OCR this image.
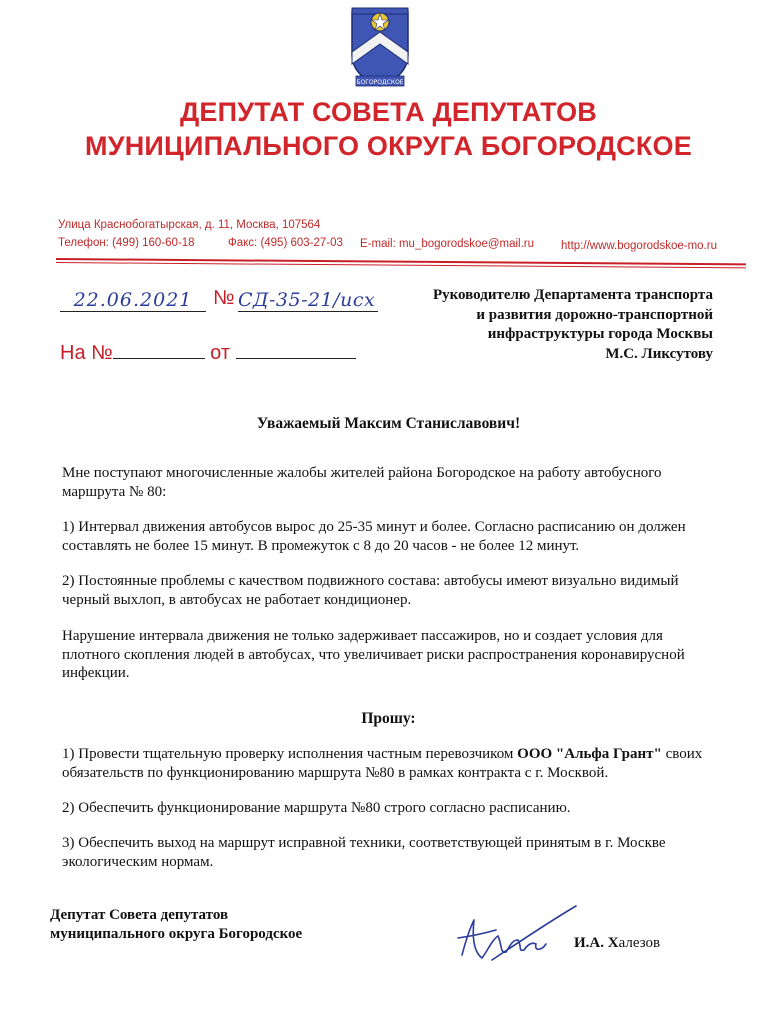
БОГОРОДСКОЕ
ДЕПУТАТ СОВЕТА ДЕПУТАТОВ
МУНИЦИПАЛЬНОГО ОКРУГА БОГОРОДСКОЕ
Улица Краснобогатырская, д. 11, Москва, 107564
Телефон: (499) 160-60-18	Факс: (495) 603-27-03 E-mail: mu_bogorodskoe@mail.ru http://www.bogorodskoe-mo.ru
22.06.2021	№ СД-35-21/исх
На №	от
Руководителю Департамента транспорта
и развития дорожно-транспортной
инфраструктуры города Москвы
М.С. Ликсутову
Уважаемый Максим Станиславович!
Мне поступают многочисленные жалобы жителей района Богородское на работу автобусного маршрута № 80:
1) Интервал движения автобусов вырос до 25-35 минут и более. Согласно расписанию он должен составлять не более 15 минут. В промежуток с 8 до 20 часов - не более 12 минут.
2) Постоянные проблемы с качеством подвижного состава: автобусы имеют визуально видимый черный выхлоп, в автобусах не работает кондиционер.
Нарушение интервала движения не только задерживает пассажиров, но и создает условия для плотного скопления людей в автобусах, что увеличивает риски распространения коронавирусной инфекции.
Прошу:
1) Провести тщательную проверку исполнения частным перевозчиком ООО "Альфа Грант" своих обязательств по функционированию маршрута №80 в рамках контракта с г. Москвой.
2) Обеспечить функционирование маршрута №80 строго согласно расписанию.
3) Обеспечить выход на маршрут исправной техники, соответствующей принятым в г. Москве экологическим нормам.
Депутат Совета депутатов
муниципального округа Богородское
И.А. Халезов
